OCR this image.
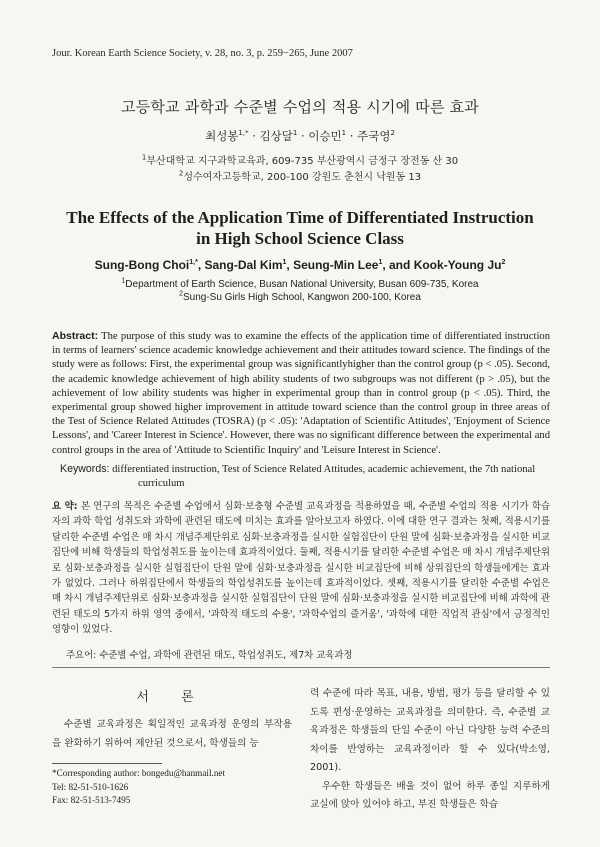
Jour. Korean Earth Science Society, v. 28, no. 3, p. 259−265, June 2007
고등학교 과학과 수준별 수업의 적용 시기에 따른 효과
최성봉$^{1,*}$ · 김상달$^1$ · 이승민$^1$ · 주국영$^2$
$^1$부산대학교 지구과학교육과, 609-735 부산광역시 금정구 장전동 산 30
$^2$성수여자고등학교, 200-100 강원도 춘천시 낙원동 13
The Effects of the Application Time of Differentiated Instruction
in High School Science Class
Sung-Bong Choi$^{1,*}$, Sang-Dal Kim$^1$, Seung-Min Lee$^1$, and Kook-Young Ju$^2$
$^1$Department of Earth Science, Busan National University, Busan 609-735, Korea
$^2$Sung-Su Girls High School, Kangwon 200-100, Korea
Abstract: The purpose of this study was to examine the effects of the application time of differentiated instruction in terms of learners' science academic knowledge achievement and their attitudes toward science. The findings of the study were as follows: First, the experimental group was significantlyhigher than the control group (p < .05). Second, the academic knowledge achievement of high ability students of two subgroups was not different (p > .05), but the achievement of low ability students was higher in experimental group than in control group (p < .05). Third, the experimental group showed higher improvement in attitude toward science than the control group in three areas of the Test of Science Related Attitudes (TOSRA) (p < .05): 'Adaptation of Scientific Attitudes', 'Enjoyment of Science Lessons', and 'Career Interest in Science'. However, there was no significant difference between the experimental and control groups in the area of 'Attitude to Scientific Inquiry' and 'Leisure Interest in Science'.
Keywords: differentiated instruction, Test of Science Related Attitudes, academic achievement, the 7th national
curriculum
요 약: 본 연구의 목적은 수준별 수업에서 심화·보충형 수준별 교육과정을 적용하였을 때, 수준별 수업의 적용 시기가 학습자의 과학 학업 성취도와 과학에 관련된 태도에 미치는 효과를 알아보고자 하였다. 이에 대한 연구 결과는 첫째, 적용시기를 달리한 수준별 수업은 매 차시 개념주제단위로 심화·보충과정을 실시한 실험집단이 단원 말에 심화·보충과정을 실시한 비교집단에 비해 학생들의 학업성취도를 높이는데 효과적이었다. 둘째, 적용시기를 달리한 수준별 수업은 매 차시 개념주제단위로 심화·보충과정을 실시한 실험집단이 단원 말에 심화·보충과정을 실시한 비교집단에 비해 상위집단의 학생들에게는 효과가 없었다. 그러나 하위집단에서 학생들의 학업성취도를 높이는데 효과적이었다. 셋째, 적용시기를 달리한 수준별 수업은 매 차시 개념주제단위로 심화·보충과정을 실시한 실험집단이 단원 말에 심화·보충과정을 실시한 비교집단에 비해 과학에 관련된 태도의 5가지 하위 영역 중에서, '과학적 태도의 수용', '과학수업의 즐거움', '과학에 대한 직업적 관심'에서 긍정적인 영향이 있었다.
주요어: 수준별 수업, 과학에 관련된 태도, 학업성취도, 제7차 교육과정
서 론

수준별 교육과정은 획일적인 교육과정 운영의 부작용을 완화하기 위하여 제안된 것으로서, 학생들의 능

*Corresponding author: bongedu@hanmail.net
Tel: 82-51-510-1626
Fax: 82-51-513-7495

력 수준에 따라 목표, 내용, 방법, 평가 등을 달리할 수 있도록 편성·운영하는 교육과정을 의미한다. 즉, 수준별 교육과정은 학생들의 단일 수준이 아닌 다양한 능력 수준의 차이를 반영하는 교육과정이라 할 수 있다(박소영, 2001).

우수한 학생들은 배울 것이 없어 하루 종일 지루하게 교실에 앉아 있어야 하고, 부진 학생들은 학습
